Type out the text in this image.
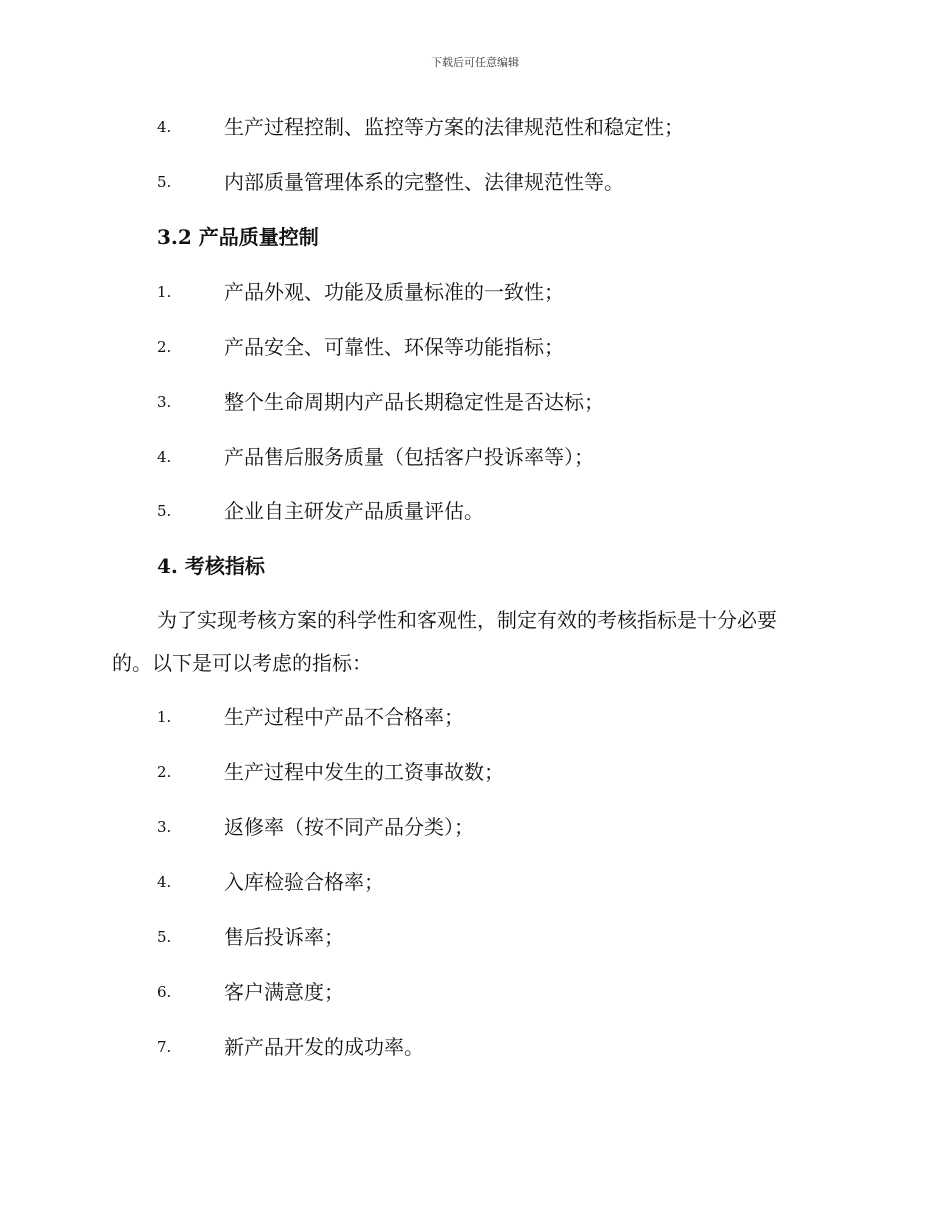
下载后可任意编辑
4.	生产过程控制、监控等方案的法律规范性和稳定性；
5.	内部质量管理体系的完整性、法律规范性等。
3.2 产品质量控制
1.	产品外观、功能及质量标准的一致性；
2.	产品安全、可靠性、环保等功能指标；
3.	整个生命周期内产品长期稳定性是否达标；
4.	产品售后服务质量（包括客户投诉率等）；
5.	企业自主研发产品质量评估。
4. 考核指标
为了实现考核方案的科学性和客观性，制定有效的考核指标是十分必要
的。以下是可以考虑的指标：
1.	生产过程中产品不合格率；
2.	生产过程中发生的工资事故数；
3.	返修率（按不同产品分类）；
4.	入库检验合格率；
5.	售后投诉率；
6.	客户满意度；
7.	新产品开发的成功率。
